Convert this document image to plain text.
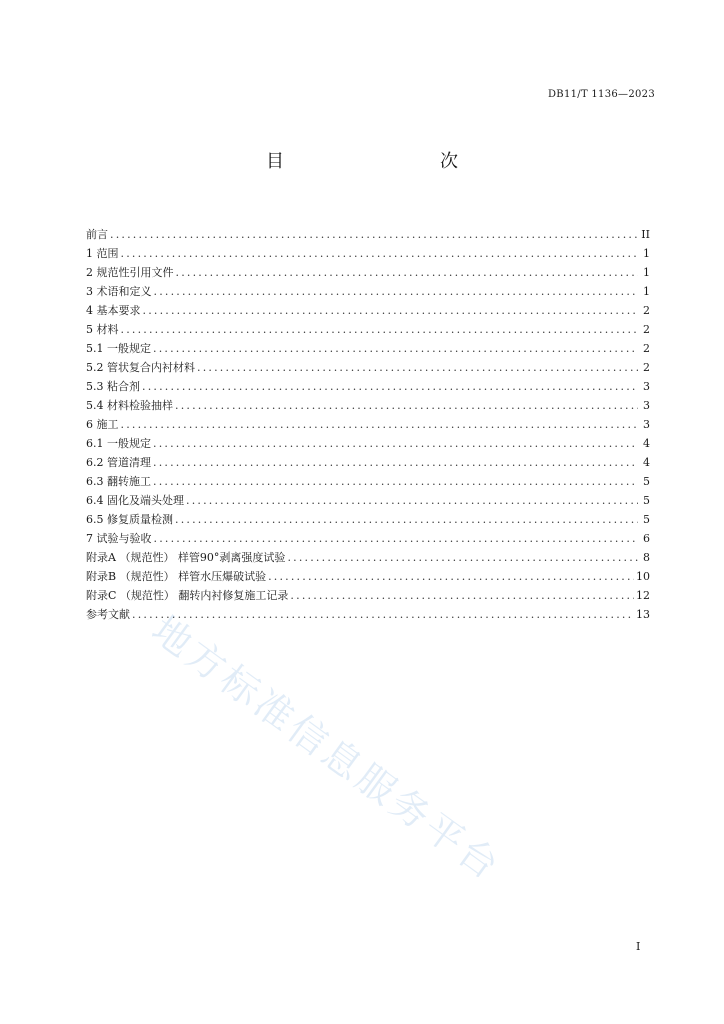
DB11/T 1136—2023
目　　次
前言 .....	II
1 范围 .....	1
2 规范性引用文件 .....	1
3 术语和定义 .....	1
4 基本要求 .....	2
5 材料 .....	2
5.1 一般规定 .....	2
5.2 管状复合内衬材料 .....	2
5.3 粘合剂 .....	3
5.4 材料检验抽样 .....	3
6 施工 .....	3
6.1 一般规定 .....	4
6.2 管道清理 .....	4
6.3 翻转施工 .....	5
6.4 固化及端头处理 .....	5
6.5 修复质量检测 .....	5
7 试验与验收 .....	6
附录A （规范性） 样管90°剥离强度试验 .....	8
附录B （规范性） 样管水压爆破试验 .....	10
附录C （规范性） 翻转内衬修复施工记录 .....	12
参考文献 .....	13
地方标准信息服务平台
I
